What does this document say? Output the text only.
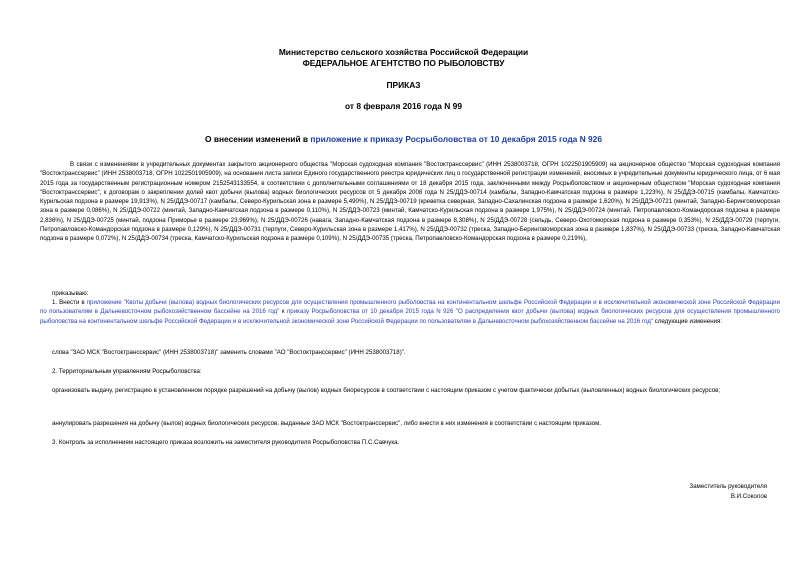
Министерство сельского хозяйства Российской Федерации
ФЕДЕРАЛЬНОЕ АГЕНТСТВО ПО РЫБОЛОВСТВУ
ПРИКАЗ
от 8 февраля 2016 года N 99
О внесении изменений в приложение к приказу Росрыболовства от 10 декабря 2015 года N 926
В связи с изменениями в учредительных документах закрытого акционерного общества "Морская судоходная компания "Востоктранссервис" (ИНН 2538003718, ОГРН 1022501905909) на акционерное общество "Морская судоходная компания "Востоктранссервис" (ИНН 2538003718, ОГРН 1022501905909), на основании листа записи Единого государственного реестра юридических лиц о государственной регистрации изменений, вносимых в учредительные документы юридического лица, от 6 мая 2015 года за государственным регистрационным номером 2152543133554, в соответствии с дополнительными соглашениями от 18 декабря 2015 года, заключенными между Росрыболовством и акционерным обществом "Морская судоходная компания "Востоктранссервис", к договорам о закреплении долей квот добычи (вылова) водных биологических ресурсов от 5 декабря 2008 года N 25/ДДЭ-00714 (камбалы, Западно-Камчатская подзона в размере 1,223%), N 25/ДДЭ-00715 (камбалы, Камчатско-Курильская подзона в размере 19,913%), N 25/ДДЭ-00717 (камбалы, Северо-Курильская зона в размере 5,490%), N 25/ДДЭ-00719 (креветка северная, Западно-Сахалинская подзона в размере 1,620%), N 25/ДДЭ-00721 (минтай, Западно-Беринговоморская зона в размере 0,086%), N 25/ДДЭ-00722 (минтай, Западно-Камчатская подзона в размере 0,110%), N 25/ДДЭ-00723 (минтай, Камчатско-Курильская подзона в размере 1,975%), N 25/ДДЭ-00724 (минтай, Петропавловско-Командорская подзона в размере 2,836%), N 25/ДДЭ-00725 (минтай, подзона Приморье в размере 23,969%), N 25/ДДЭ-00726 (навага, Западно-Камчатская подзона в размере 8,308%), N 25/ДДЭ-00728 (сельдь, Северо-Охотоморская подзона в размере 0,353%), N 25/ДДЭ-00729 (терпуги, Петропавловско-Командорская подзона в размере 0,129%), N 25/ДДЭ-00731 (терпуги, Северо-Курильская зона в размере 1,417%), N 25/ДДЭ-00732 (треска, Западно-Беринговоморская зона в размере 1,837%), N 25/ДДЭ-00733 (треска, Западно-Камчатская подзона в размере 0,072%), N 25/ДДЭ-00734 (треска, Камчатско-Курильская подзона в размере 0,109%), N 25/ДДЭ-00735 (треска, Петропавловско-Командорская подзона в размере 0,219%),
приказываю:
1. Внести в приложение "Квоты добычи (вылова) водных биологических ресурсов для осуществления промышленного рыболовства на континентальном шельфе Российской Федерации и в исключительной экономической зоне Российской Федерации по пользователям в Дальневосточном рыбохозяйственном бассейне на 2016 год" к приказу Росрыболовства от 10 декабря 2015 года N 926 "О распределении квот добычи (вылова) водных биологических ресурсов для осуществления промышленного рыболовства на континентальном шельфе Российской Федерации и в исключительной экономической зоне Российской Федерации по пользователям в Дальневосточном рыбохозяйственном бассейне на 2016 год" следующие изменения:
слова "ЗАО МСК "Востоктранссервис" (ИНН 2538003718)" заменить словами "АО "Востоктранссервис" (ИНН 2538003718)".
2. Территориальным управлениям Росрыболовства:
организовать выдачу, регистрацию в установленном порядке разрешений на добычу (вылов) водных биоресурсов в соответствии с настоящим приказом с учетом фактически добытых (выловленных) водных биологических ресурсов;
аннулировать разрешения на добычу (вылов) водных биологических ресурсов, выданные ЗАО МСК "Востоктранссервис", либо внести в них изменения в соответствии с настоящим приказом.
3. Контроль за исполнением настоящего приказа возложить на заместителя руководителя Росрыболовства П.С.Савчука.
Заместитель руководителя
В.И.Соколов
